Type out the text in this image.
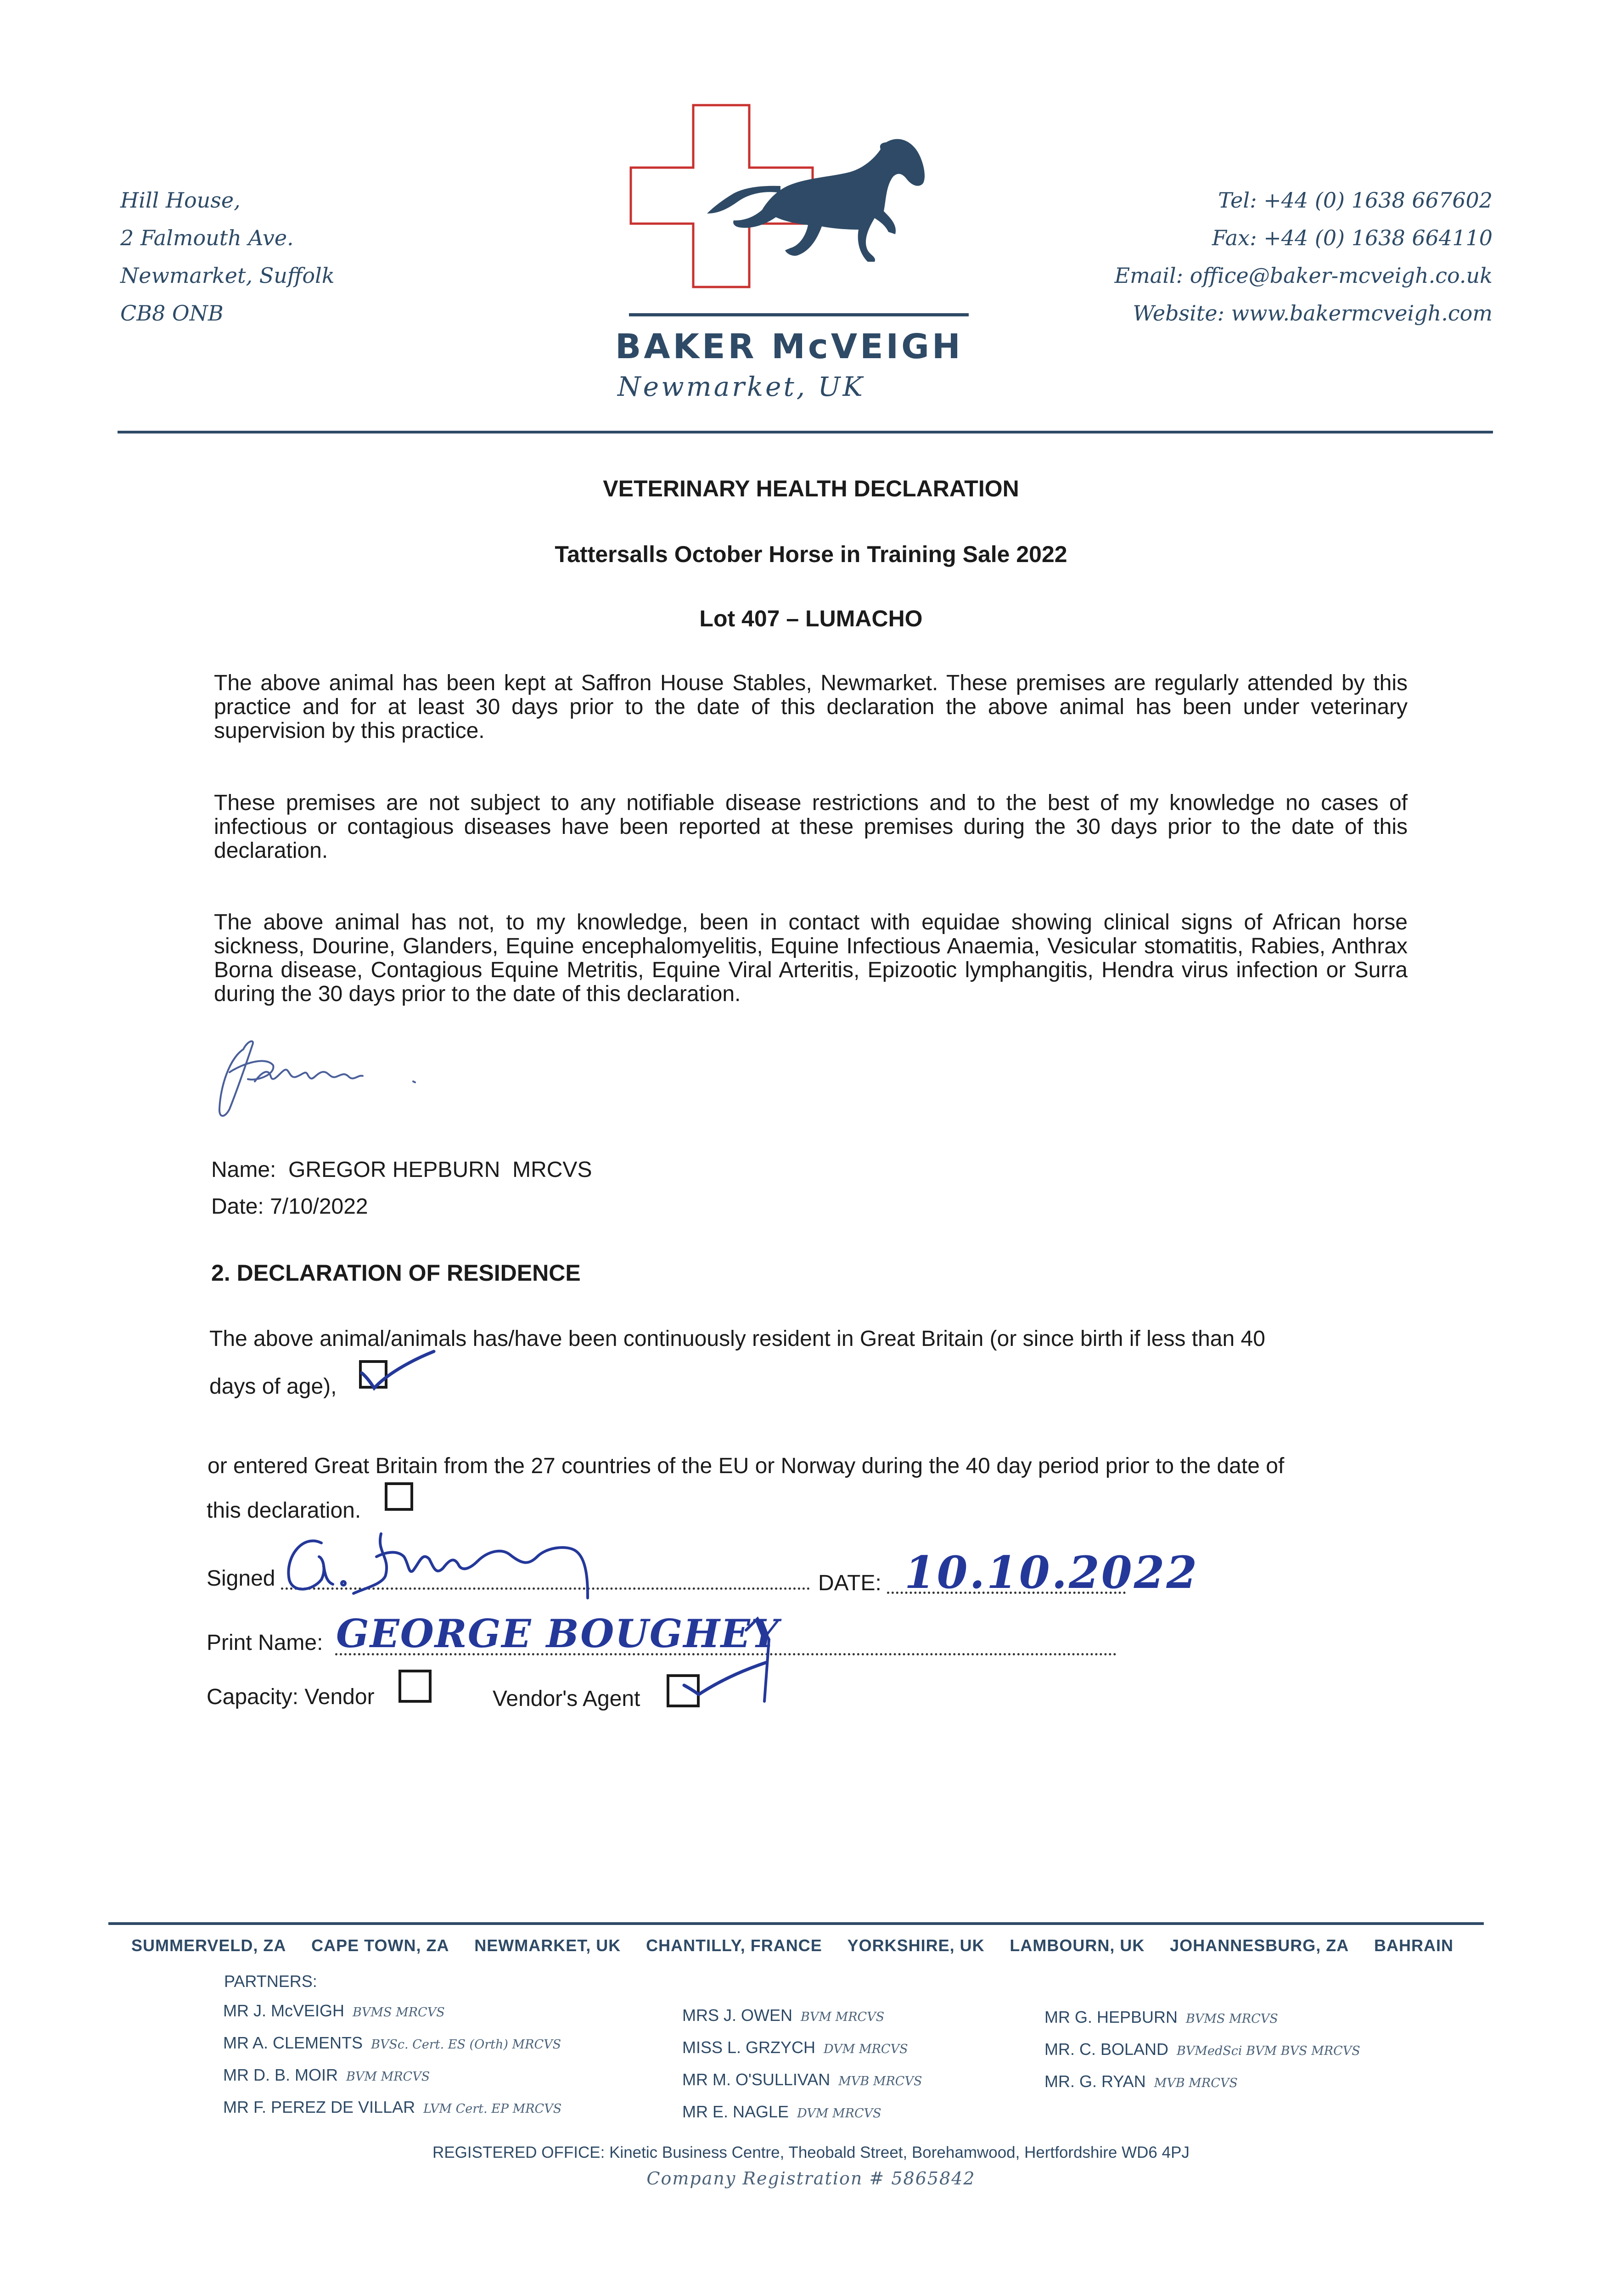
Hill House,
2 Falmouth Ave.
Newmarket, Suffolk
CB8 ONB
BAKER McVEIGH
Newmarket, UK
Tel: +44 (0) 1638 667602
Fax: +44 (0) 1638 664110
Email: office@baker-mcveigh.co.uk
Website: www.bakermcveigh.com
VETERINARY HEALTH DECLARATION
Tattersalls October Horse in Training Sale 2022
Lot 407 – LUMACHO
The above animal has been kept at Saffron House Stables, Newmarket. These premises are regularly attended by this practice and for at least 30 days prior to the date of this declaration the above animal has been under veterinary supervision by this practice.
These premises are not subject to any notifiable disease restrictions and to the best of my knowledge no cases of infectious or contagious diseases have been reported at these premises during the 30 days prior to the date of this declaration.
The above animal has not, to my knowledge, been in contact with equidae showing clinical signs of African horse sickness, Dourine, Glanders, Equine encephalomyelitis, Equine Infectious Anaemia, Vesicular stomatitis, Rabies, Anthrax Borna disease, Contagious Equine Metritis, Equine Viral Arteritis, Epizootic lymphangitis, Hendra virus infection or Surra during the 30 days prior to the date of this declaration.
Name:  GREGOR HEPBURN  MRCVS
Date: 7/10/2022
2. DECLARATION OF RESIDENCE
The above animal/animals has/have been continuously resident in Great Britain (or since birth if less than 40
days of age),
or entered Great Britain from the 27 countries of the EU or Norway during the 40 day period prior to the date of
this declaration.
Signed	DATE: 10.10.2022
Print Name: GEORGE BOUGHEY
Capacity: Vendor	Vendor's Agent
SUMMERVELD, ZA CAPE TOWN, ZA NEWMARKET, UK CHANTILLY, FRANCE YORKSHIRE, UK LAMBOURN, UK JOHANNESBURG, ZA BAHRAIN
PARTNERS:
MR J. McVEIGH BVMS MRCVS
MR A. CLEMENTS BVSc. Cert. ES (Orth) MRCVS
MR D. B. MOIR BVM MRCVS
MR F. PEREZ DE VILLAR LVM Cert. EP MRCVS
MRS J. OWEN BVM MRCVS
MISS L. GRZYCH DVM MRCVS
MR M. O'SULLIVAN MVB MRCVS
MR E. NAGLE DVM MRCVS
MR G. HEPBURN BVMS MRCVS
MR. C. BOLAND BVMedSci BVM BVS MRCVS
MR. G. RYAN MVB MRCVS
REGISTERED OFFICE: Kinetic Business Centre, Theobald Street, Borehamwood, Hertfordshire WD6 4PJ
Company Registration # 5865842
